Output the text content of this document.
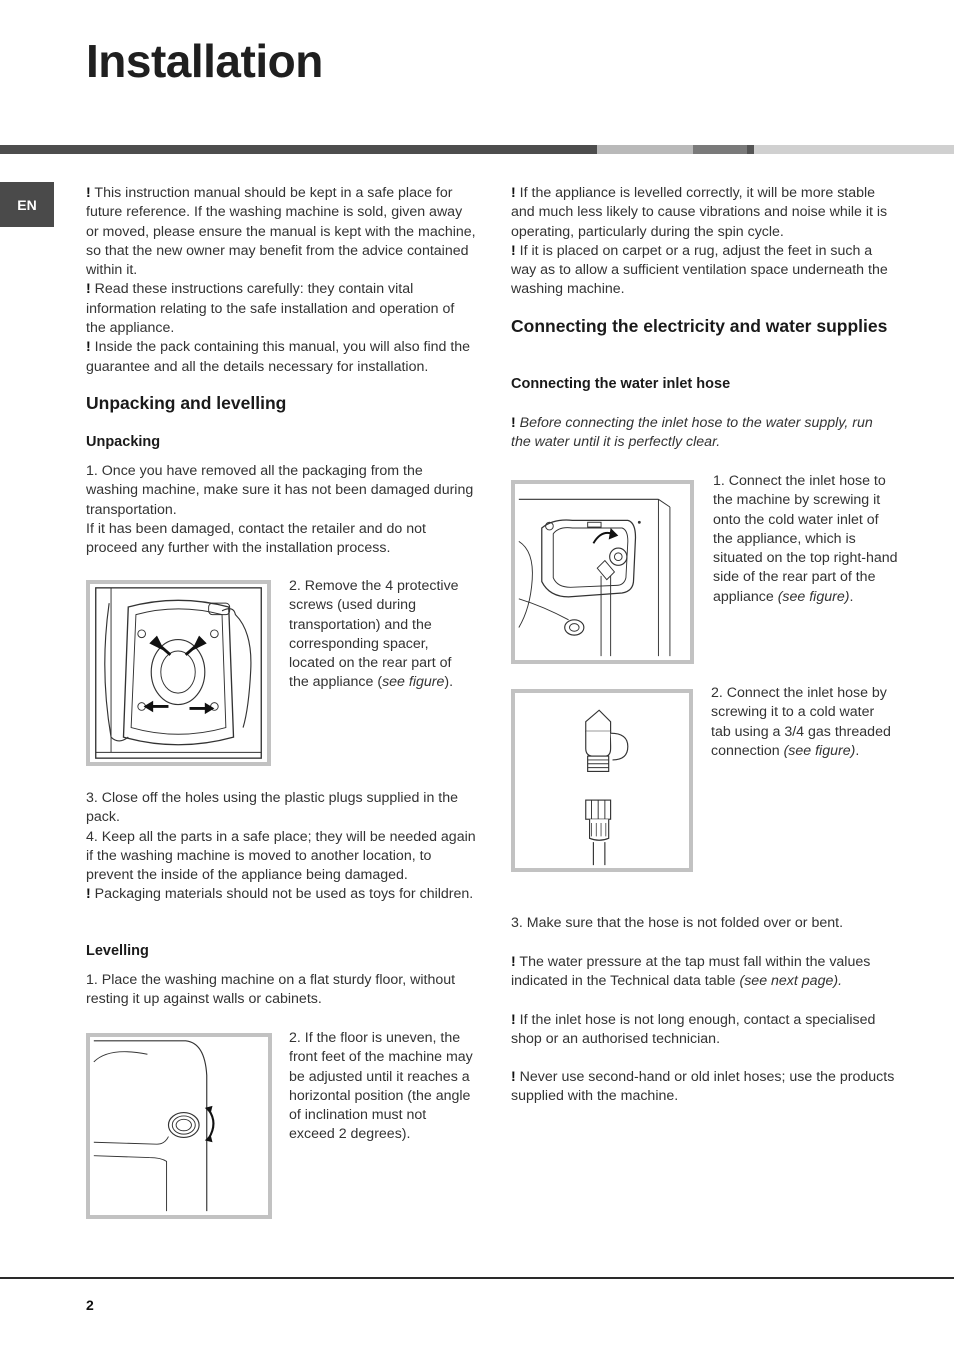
Installation
EN

! This instruction manual should be kept in a safe place for future reference. If the washing machine is sold, given away or moved, please ensure the manual is kept with the machine, so that the new owner may benefit from the advice contained within it.

! Read these instructions carefully: they contain vital information relating to the safe installation and operation of the appliance.

! Inside the pack containing this manual, you will also find the guarantee and all the details necessary for installation.

Unpacking and levelling
Unpacking

1. Once you have removed all the packaging from the washing machine, make sure it has not been damaged during transportation.

If it has been damaged, contact the retailer and do not proceed any further with the installation process.

2. Remove the 4 protective screws (used during transportation) and the corresponding spacer, located on the rear part of the appliance (see figure).

3. Close off the holes using the plastic plugs supplied in the pack.

4. Keep all the parts in a safe place; they will be needed again if the washing machine is moved to another location, to prevent the inside of the appliance being damaged.

! Packaging materials should not be used as toys for children.

Levelling
1. Place the washing machine on a flat sturdy floor, without resting it up against walls or cabinets.
2. If the floor is uneven, the front feet of the machine may be adjusted until it reaches a horizontal position (the angle of inclination must not exceed 2 degrees).

! If the appliance is levelled correctly, it will be more stable and much less likely to cause vibrations and noise while it is operating, particularly during the spin cycle.

! If it is placed on carpet or a rug, adjust the feet in such a way as to allow a sufficient ventilation space underneath the washing machine.

Connecting the electricity and water supplies
Connecting the water inlet hose
! Before connecting the inlet hose to the water supply, run the water until it is perfectly clear.
1. Connect the inlet hose to the machine by screwing it onto the cold water inlet of the appliance, which is situated on the top right-hand side of the rear part of the appliance (see figure).
2. Connect the inlet hose by screwing it to a cold water tab using a 3/4 gas threaded connection (see figure).
3. Make sure that the hose is not folded over or bent.
! The water pressure at the tap must fall within the values indicated in the Technical data table (see next page).
! If the inlet hose is not long enough, contact a specialised shop or an authorised technician.
! Never use second-hand or old inlet hoses; use the products supplied with the machine.
2
